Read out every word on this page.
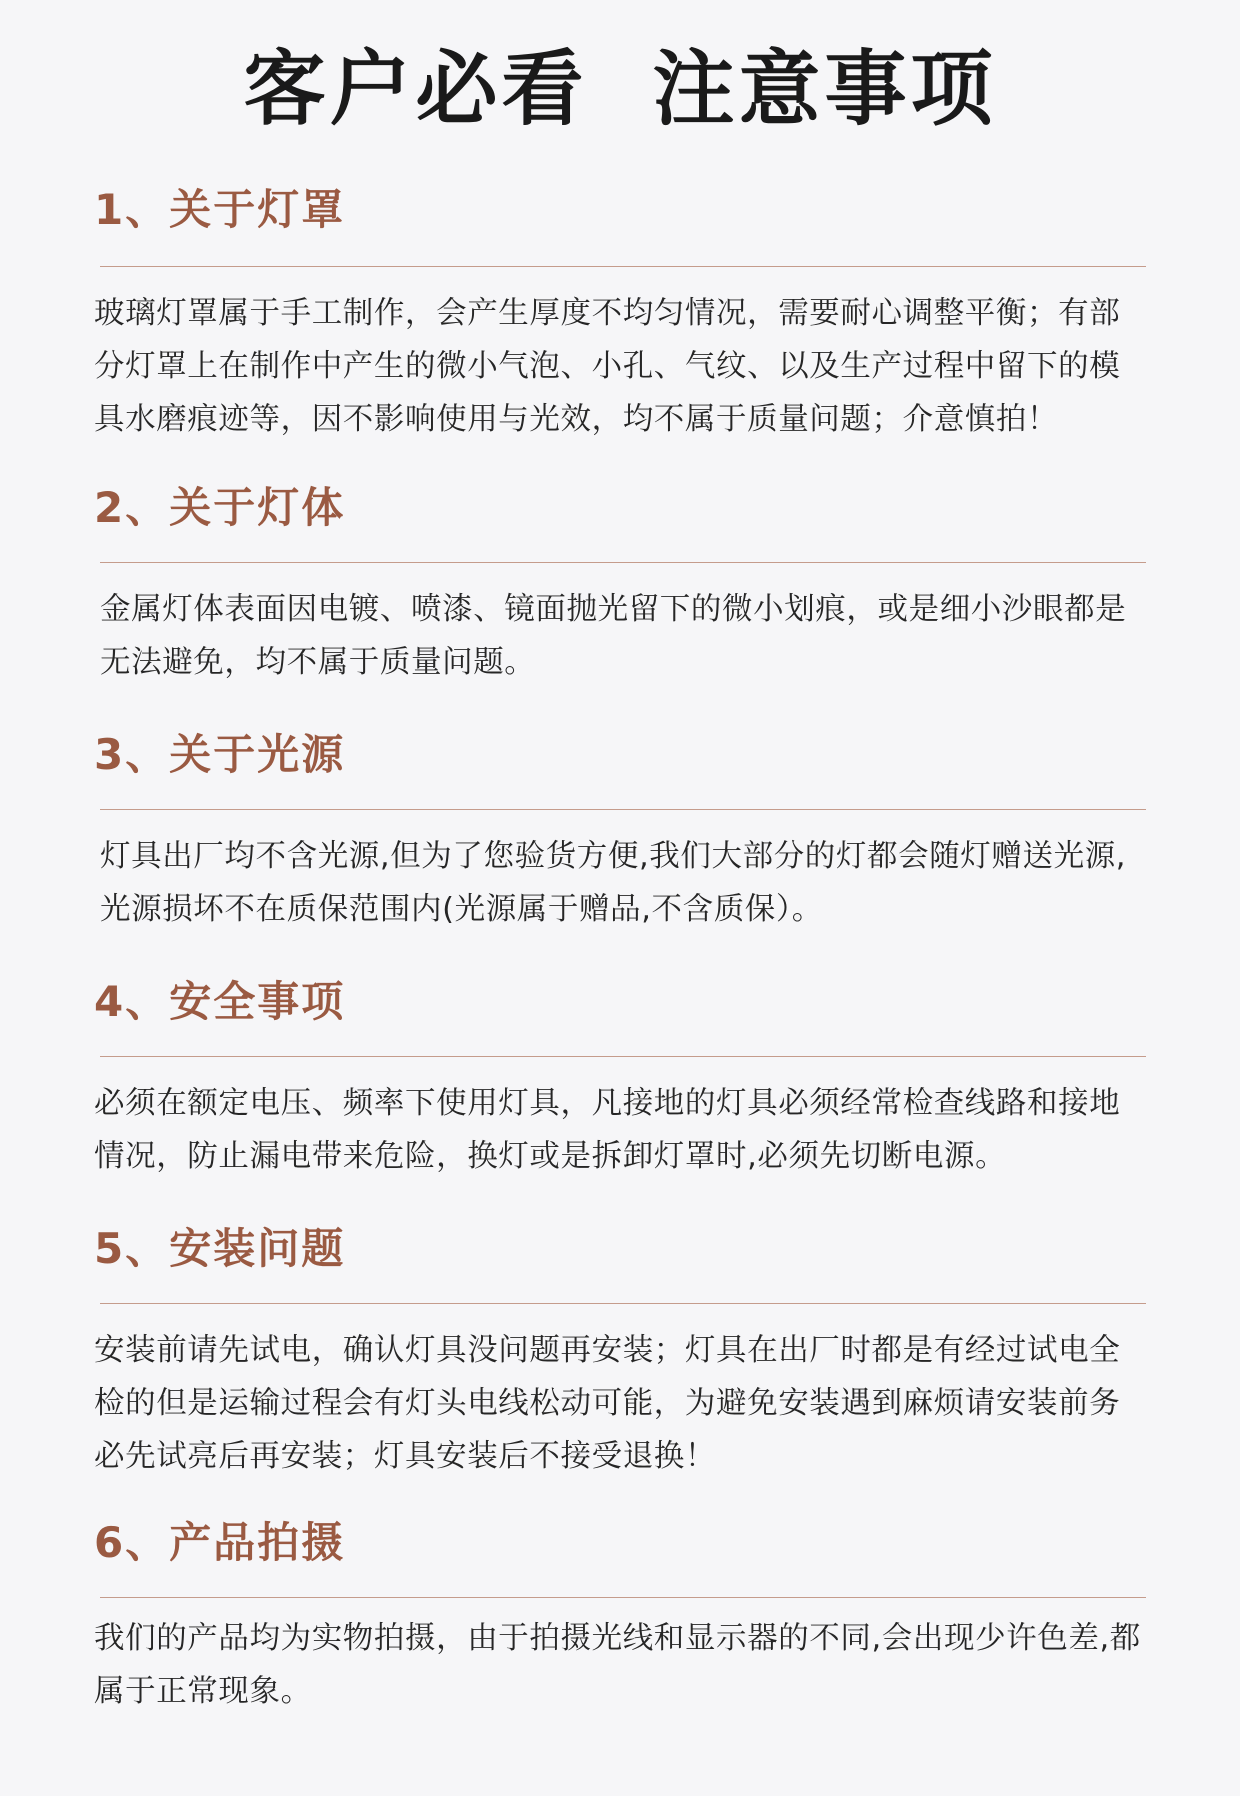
客户必看  注意事项
1、关于灯罩

玻璃灯罩属于手工制作，会产生厚度不均匀情况，需要耐心调整平衡；有部分灯罩上在制作中产生的微小气泡、小孔、气纹、以及生产过程中留下的模具水磨痕迹等，因不影响使用与光效，均不属于质量问题；介意慎拍！

2、关于灯体

金属灯体表面因电镀、喷漆、镜面抛光留下的微小划痕，或是细小沙眼都是无法避免，均不属于质量问题。

3、关于光源

灯具出厂均不含光源,但为了您验货方便,我们大部分的灯都会随灯赠送光源,光源损坏不在质保范围内(光源属于赠品,不含质保）。

4、安全事项

必须在额定电压、频率下使用灯具，凡接地的灯具必须经常检查线路和接地情况，防止漏电带来危险，换灯或是拆卸灯罩时,必须先切断电源。

5、安装问题

安装前请先试电，确认灯具没问题再安装；灯具在出厂时都是有经过试电全检的但是运输过程会有灯头电线松动可能，为避免安装遇到麻烦请安装前务必先试亮后再安装；灯具安装后不接受退换！

6、产品拍摄

我们的产品均为实物拍摄，由于拍摄光线和显示器的不同,会出现少许色差,都属于正常现象。
